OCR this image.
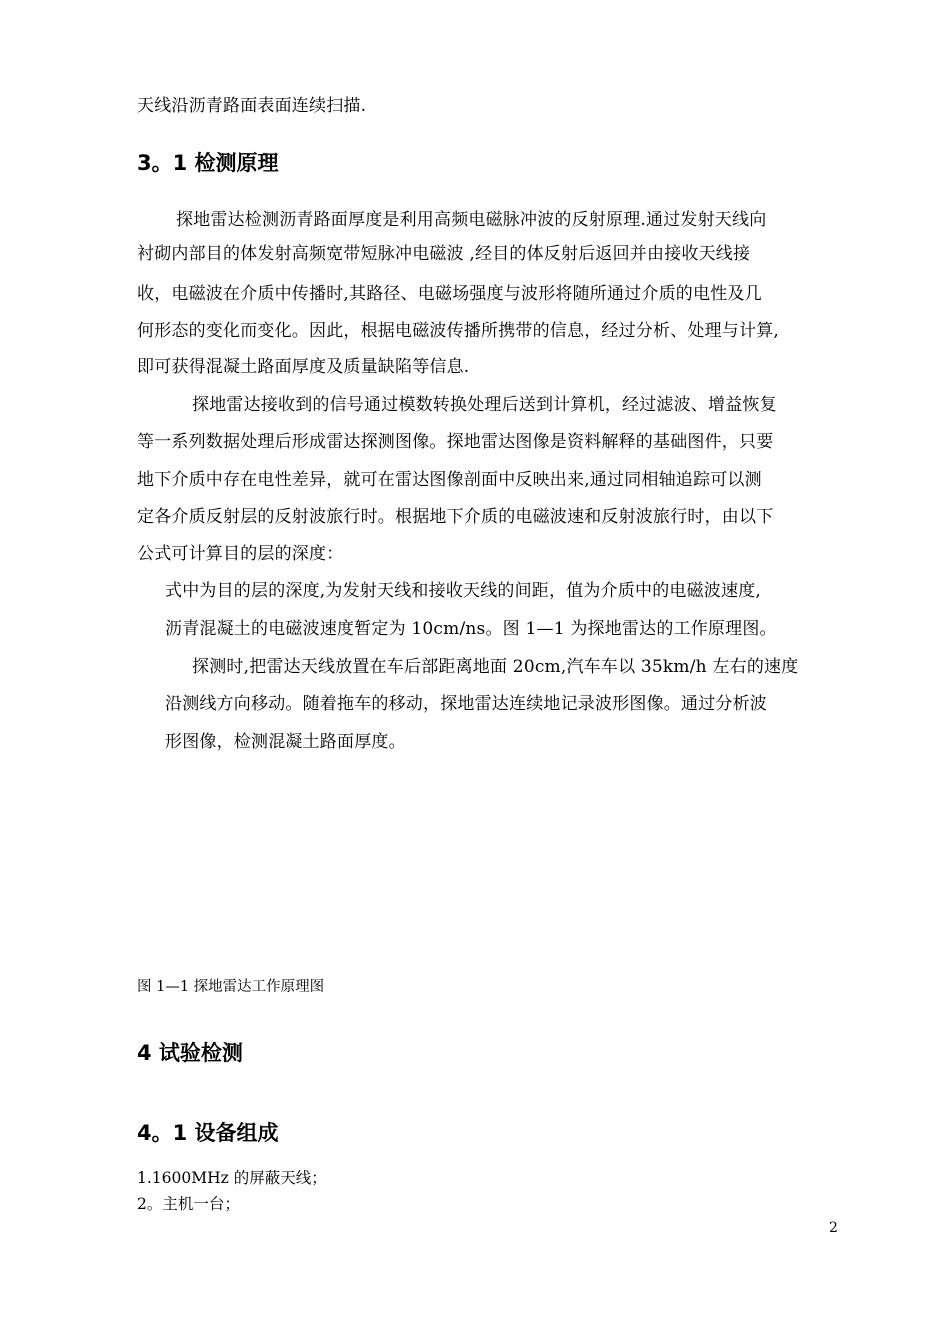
天线沿沥青路面表面连续扫描.
3。1 检测原理
探地雷达检测沥青路面厚度是利用高频电磁脉冲波的反射原理.通过发射天线向
衬砌内部目的体发射高频宽带短脉冲电磁波 ,经目的体反射后返回并由接收天线接
收，电磁波在介质中传播时,其路径、电磁场强度与波形将随所通过介质的电性及几
何形态的变化而变化。因此，根据电磁波传播所携带的信息，经过分析、处理与计算,
即可获得混凝土路面厚度及质量缺陷等信息.
探地雷达接收到的信号通过模数转换处理后送到计算机，经过滤波、增益恢复
等一系列数据处理后形成雷达探测图像。探地雷达图像是资料解释的基础图件，只要
地下介质中存在电性差异，就可在雷达图像剖面中反映出来,通过同相轴追踪可以测
定各介质反射层的反射波旅行时。根据地下介质的电磁波速和反射波旅行时，由以下
公式可计算目的层的深度：
式中为目的层的深度,为发射天线和接收天线的间距，值为介质中的电磁波速度,
沥青混凝土的电磁波速度暂定为 10cm/ns。图 1—1 为探地雷达的工作原理图。
探测时,把雷达天线放置在车后部距离地面 20cm,汽车车以 35km/h 左右的速度
沿测线方向移动。随着拖车的移动，探地雷达连续地记录波形图像。通过分析波
形图像，检测混凝土路面厚度。
图 1—1 探地雷达工作原理图
4 试验检测
4。1 设备组成
1.1600MHz 的屏蔽天线；
2。主机一台；
2
